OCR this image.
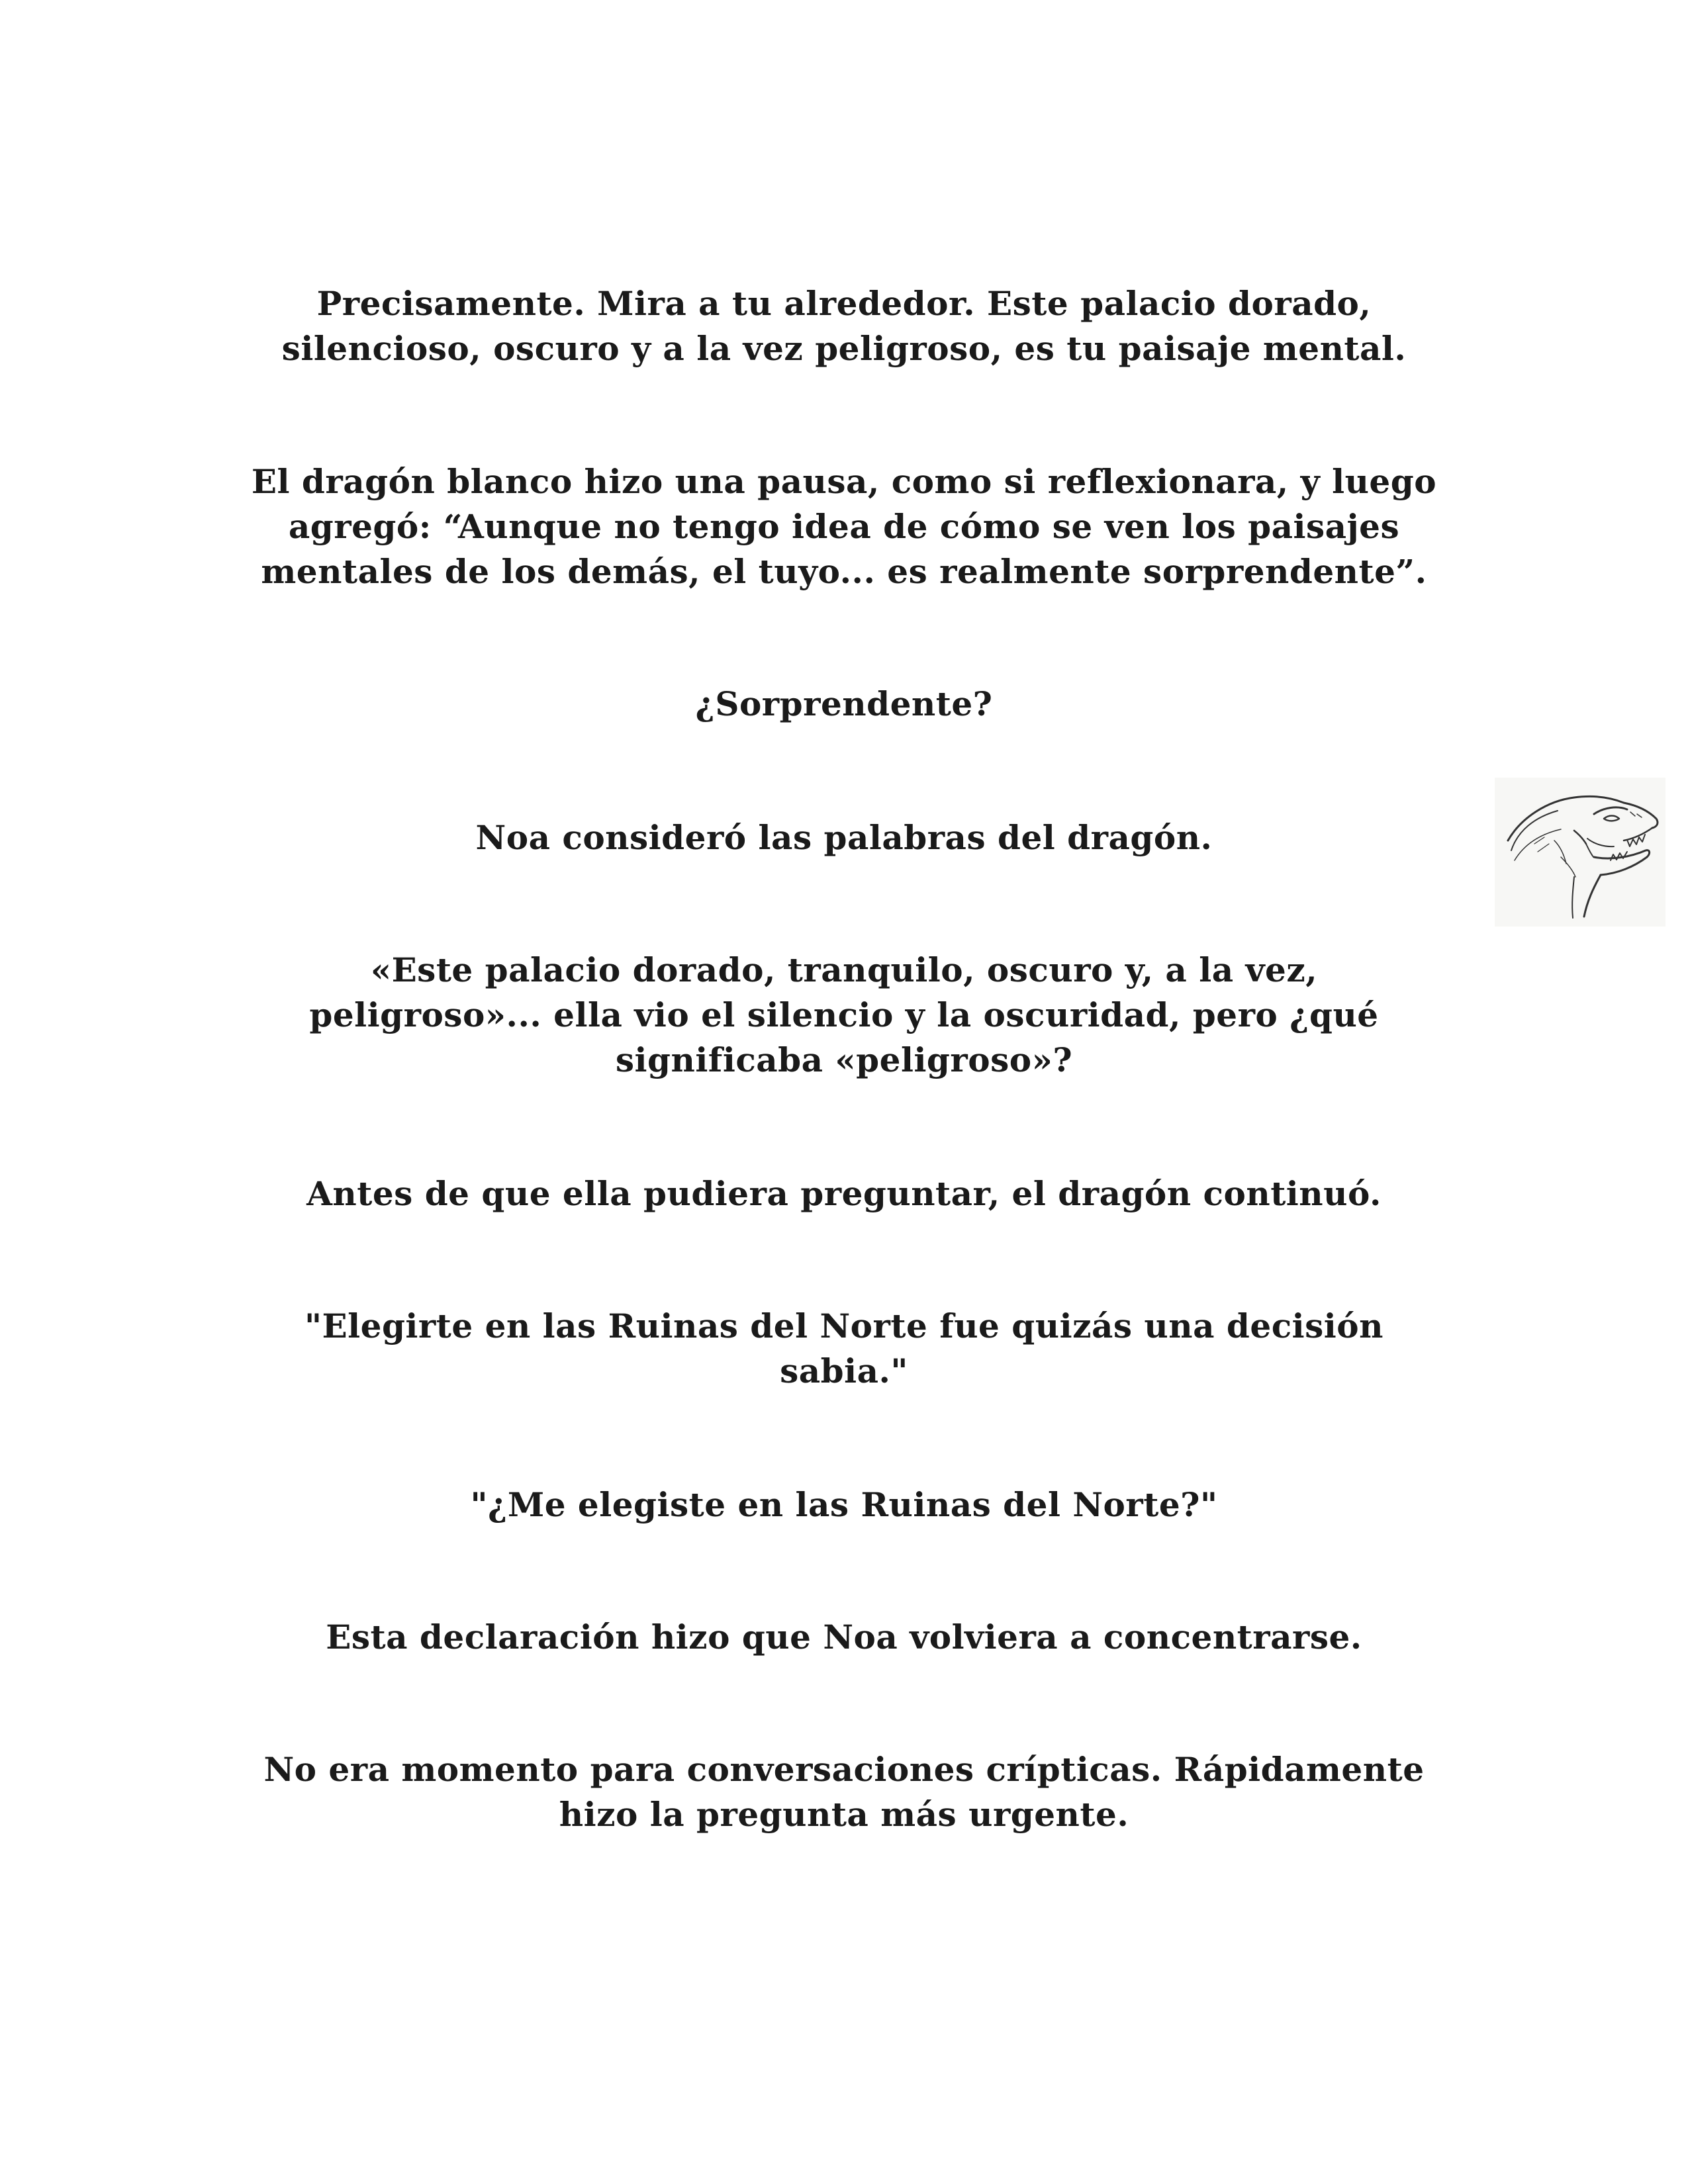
Precisamente. Mira a tu alrededor. Este palacio dorado,
silencioso, oscuro y a la vez peligroso, es tu paisaje mental.

El dragón blanco hizo una pausa, como si reflexionara, y luego
agregó: “Aunque no tengo idea de cómo se ven los paisajes
mentales de los demás, el tuyo... es realmente sorprendente”.

¿Sorprendente?

Noa consideró las palabras del dragón.

«Este palacio dorado, tranquilo, oscuro y, a la vez,
peligroso»... ella vio el silencio y la oscuridad, pero ¿qué
significaba «peligroso»?

Antes de que ella pudiera preguntar, el dragón continuó.

"Elegirte en las Ruinas del Norte fue quizás una decisión
sabia."

"¿Me elegiste en las Ruinas del Norte?"

Esta declaración hizo que Noa volviera a concentrarse.

No era momento para conversaciones crípticas. Rápidamente
hizo la pregunta más urgente.
